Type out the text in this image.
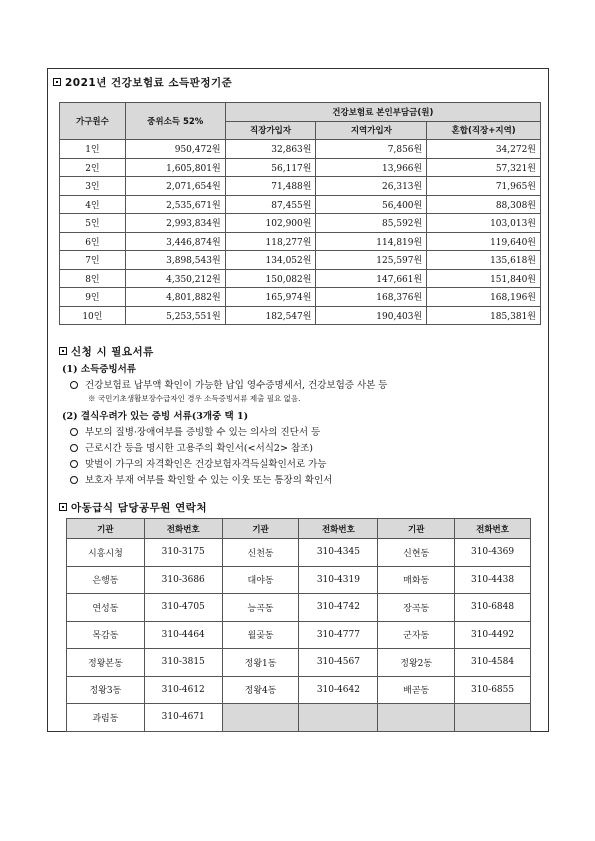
2021년 건강보험료 소득판정기준
가구원수	중위소득 52%	건강보험료 본인부담금(원)		
		직장가입자	지역가입자	혼합(직장+지역)
1인	950,472원	32,863원	7,856원	34,272원
2인	1,605,801원	56,117원	13,966원	57,321원
3인	2,071,654원	71,488원	26,313원	71,965원
4인	2,535,671원	87,455원	56,400원	88,308원
5인	2,993,834원	102,900원	85,592원	103,013원
6인	3,446,874원	118,277원	114,819원	119,640원
7인	3,898,543원	134,052원	125,597원	135,618원
8인	4,350,212원	150,082원	147,661원	151,840원
9인	4,801,882원	165,974원	168,376원	168,196원
10인	5,253,551원	182,547원	190,403원	185,381원
신청 시 필요서류
(1) 소득증빙서류
건강보험료 납부액 확인이 가능한 납입 영수증명세서, 건강보험증 사본 등
※ 국민기초생활보장수급자인 경우 소득증빙서류 제출 필요 없음.
(2) 결식우려가 있는 증빙 서류(3개중 택 1)
부모의 질병·장애여부를 증빙할 수 있는 의사의 진단서 등
근로시간 등을 명시한 고용주의 확인서(<서식2> 참조)
맞벌이 가구의 자격확인은 건강보험자격득실확인서로 가능
보호자 부재 여부를 확인할 수 있는 이웃 또는 통장의 확인서
아동급식 담당공무원 연락처
기관	전화번호	기관	전화번호	기관	전화번호
시흥시청	310-3175	신천동	310-4345	신현동	310-4369
은행동	310-3686	대야동	310-4319	매화동	310-4438
연성동	310-4705	능곡동	310-4742	장곡동	310-6848
목감동	310-4464	월곶동	310-4777	군자동	310-4492
정왕본동	310-3815	정왕1동	310-4567	정왕2동	310-4584
정왕3동	310-4612	정왕4동	310-4642	배곧동	310-6855
과림동	310-4671				
